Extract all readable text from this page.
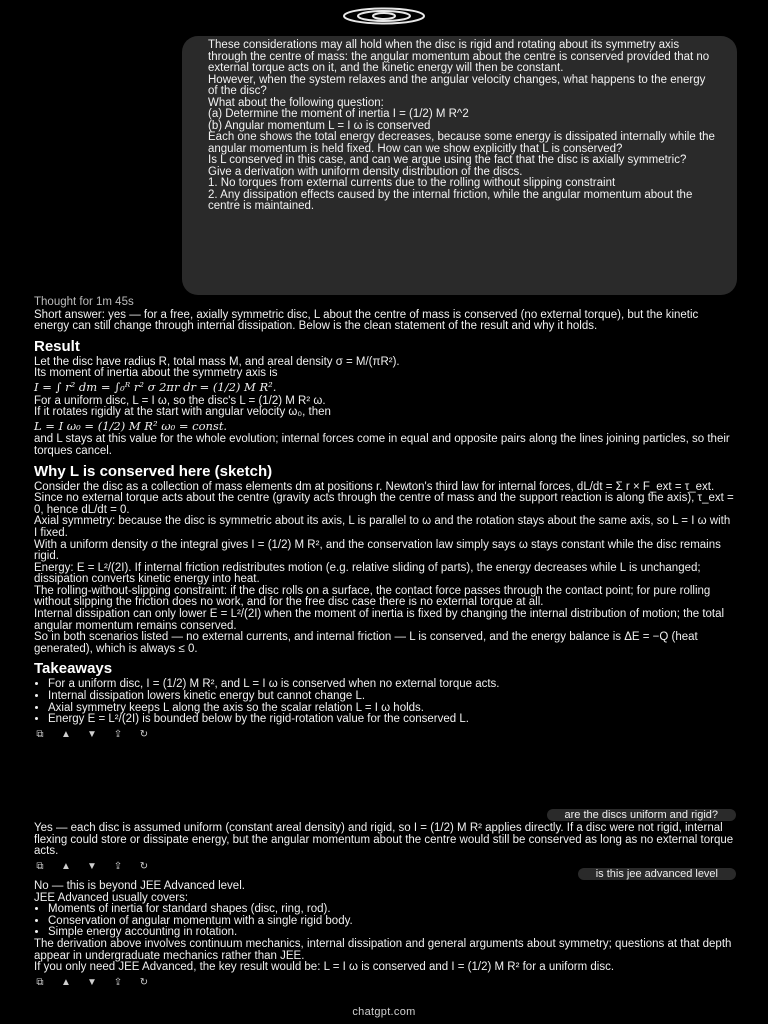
These considerations may all hold when the disc is rigid and rotating about its symmetry axis through the centre of mass: the angular momentum about the centre is conserved provided that no external torque acts on it, and the kinetic energy will then be constant.

However, when the system relaxes and the angular velocity changes, what happens to the energy of the disc?

What about the following question:

(a) Determine the moment of inertia I = (1/2) M R^2

(b) Angular momentum L = I ω is conserved

Each one shows the total energy decreases, because some energy is dissipated internally while the angular momentum is held fixed. How can we show explicitly that L is conserved?

Is L conserved in this case, and can we argue using the fact that the disc is axially symmetric?

Give a derivation with uniform density distribution of the discs.

1. No torques from external currents due to the rolling without slipping constraint

2. Any dissipation effects caused by the internal friction, while the angular momentum about the centre is maintained.

Thought for 1m 45s

Short answer: yes — for a free, axially symmetric disc, L about the centre of mass is conserved (no external torque), but the kinetic energy can still change through internal dissipation. Below is the clean statement of the result and why it holds.

Result

Let the disc have radius R, total mass M, and areal density σ = M/(πR²).

Its moment of inertia about the symmetry axis is

I = ∫ r² dm = ∫₀ᴿ r² σ 2πr dr = (1/2) M R².

For a uniform disc, L = I ω, so the disc's L = (1/2) M R² ω.

If it rotates rigidly at the start with angular velocity ω₀, then

L = I ω₀ = (1/2) M R² ω₀ = const.

and L stays at this value for the whole evolution; internal forces come in equal and opposite pairs along the lines joining particles, so their torques cancel.

Why L is conserved here (sketch)

Consider the disc as a collection of mass elements dm at positions r. Newton's third law for internal forces, dL/dt = Σ r × F_ext = τ_ext.

Since no external torque acts about the centre (gravity acts through the centre of mass and the support reaction is along the axis), τ_ext = 0, hence dL/dt = 0.

Axial symmetry: because the disc is symmetric about its axis, L is parallel to ω and the rotation stays about the same axis, so L = I ω with I fixed.

With a uniform density σ the integral gives I = (1/2) M R², and the conservation law simply says ω stays constant while the disc remains rigid.

Energy: E = L²/(2I). If internal friction redistributes motion (e.g. relative sliding of parts), the energy decreases while L is unchanged; dissipation converts kinetic energy into heat.

The rolling-without-slipping constraint: if the disc rolls on a surface, the contact force passes through the contact point; for pure rolling without slipping the friction does no work, and for the free disc case there is no external torque at all.

Internal dissipation can only lower E = L²/(2I) when the moment of inertia is fixed by changing the internal distribution of motion; the total angular momentum remains conserved.

So in both scenarios listed — no external currents, and internal friction — L is conserved, and the energy balance is ΔE = −Q (heat generated), which is always ≤ 0.

Takeaways
• For a uniform disc, I = (1/2) M R², and L = I ω is conserved when no external torque acts.
• Internal dissipation lowers kinetic energy but cannot change L.
• Axial symmetry keeps L along the axis so the scalar relation L = I ω holds.
• Energy E = L²/(2I) is bounded below by the rigid-rotation value for the conserved L.
⧉ ▲ ▼ ⇪ ↻
are the discs uniform and rigid?

Yes — each disc is assumed uniform (constant areal density) and rigid, so I = (1/2) M R² applies directly. If a disc were not rigid, internal flexing could store or dissipate energy, but the angular momentum about the centre would still be conserved as long as no external torque acts.

⧉ ▲ ▼ ⇪ ↻
is this jee advanced level

No — this is beyond JEE Advanced level.

JEE Advanced usually covers:

• Moments of inertia for standard shapes (disc, ring, rod).
• Conservation of angular momentum with a single rigid body.
• Simple energy accounting in rotation.

The derivation above involves continuum mechanics, internal dissipation and general arguments about symmetry; questions at that depth appear in undergraduate mechanics rather than JEE.

If you only need JEE Advanced, the key result would be: L = I ω is conserved and I = (1/2) M R² for a uniform disc.

⧉ ▲ ▼ ⇪ ↻
chatgpt.com
